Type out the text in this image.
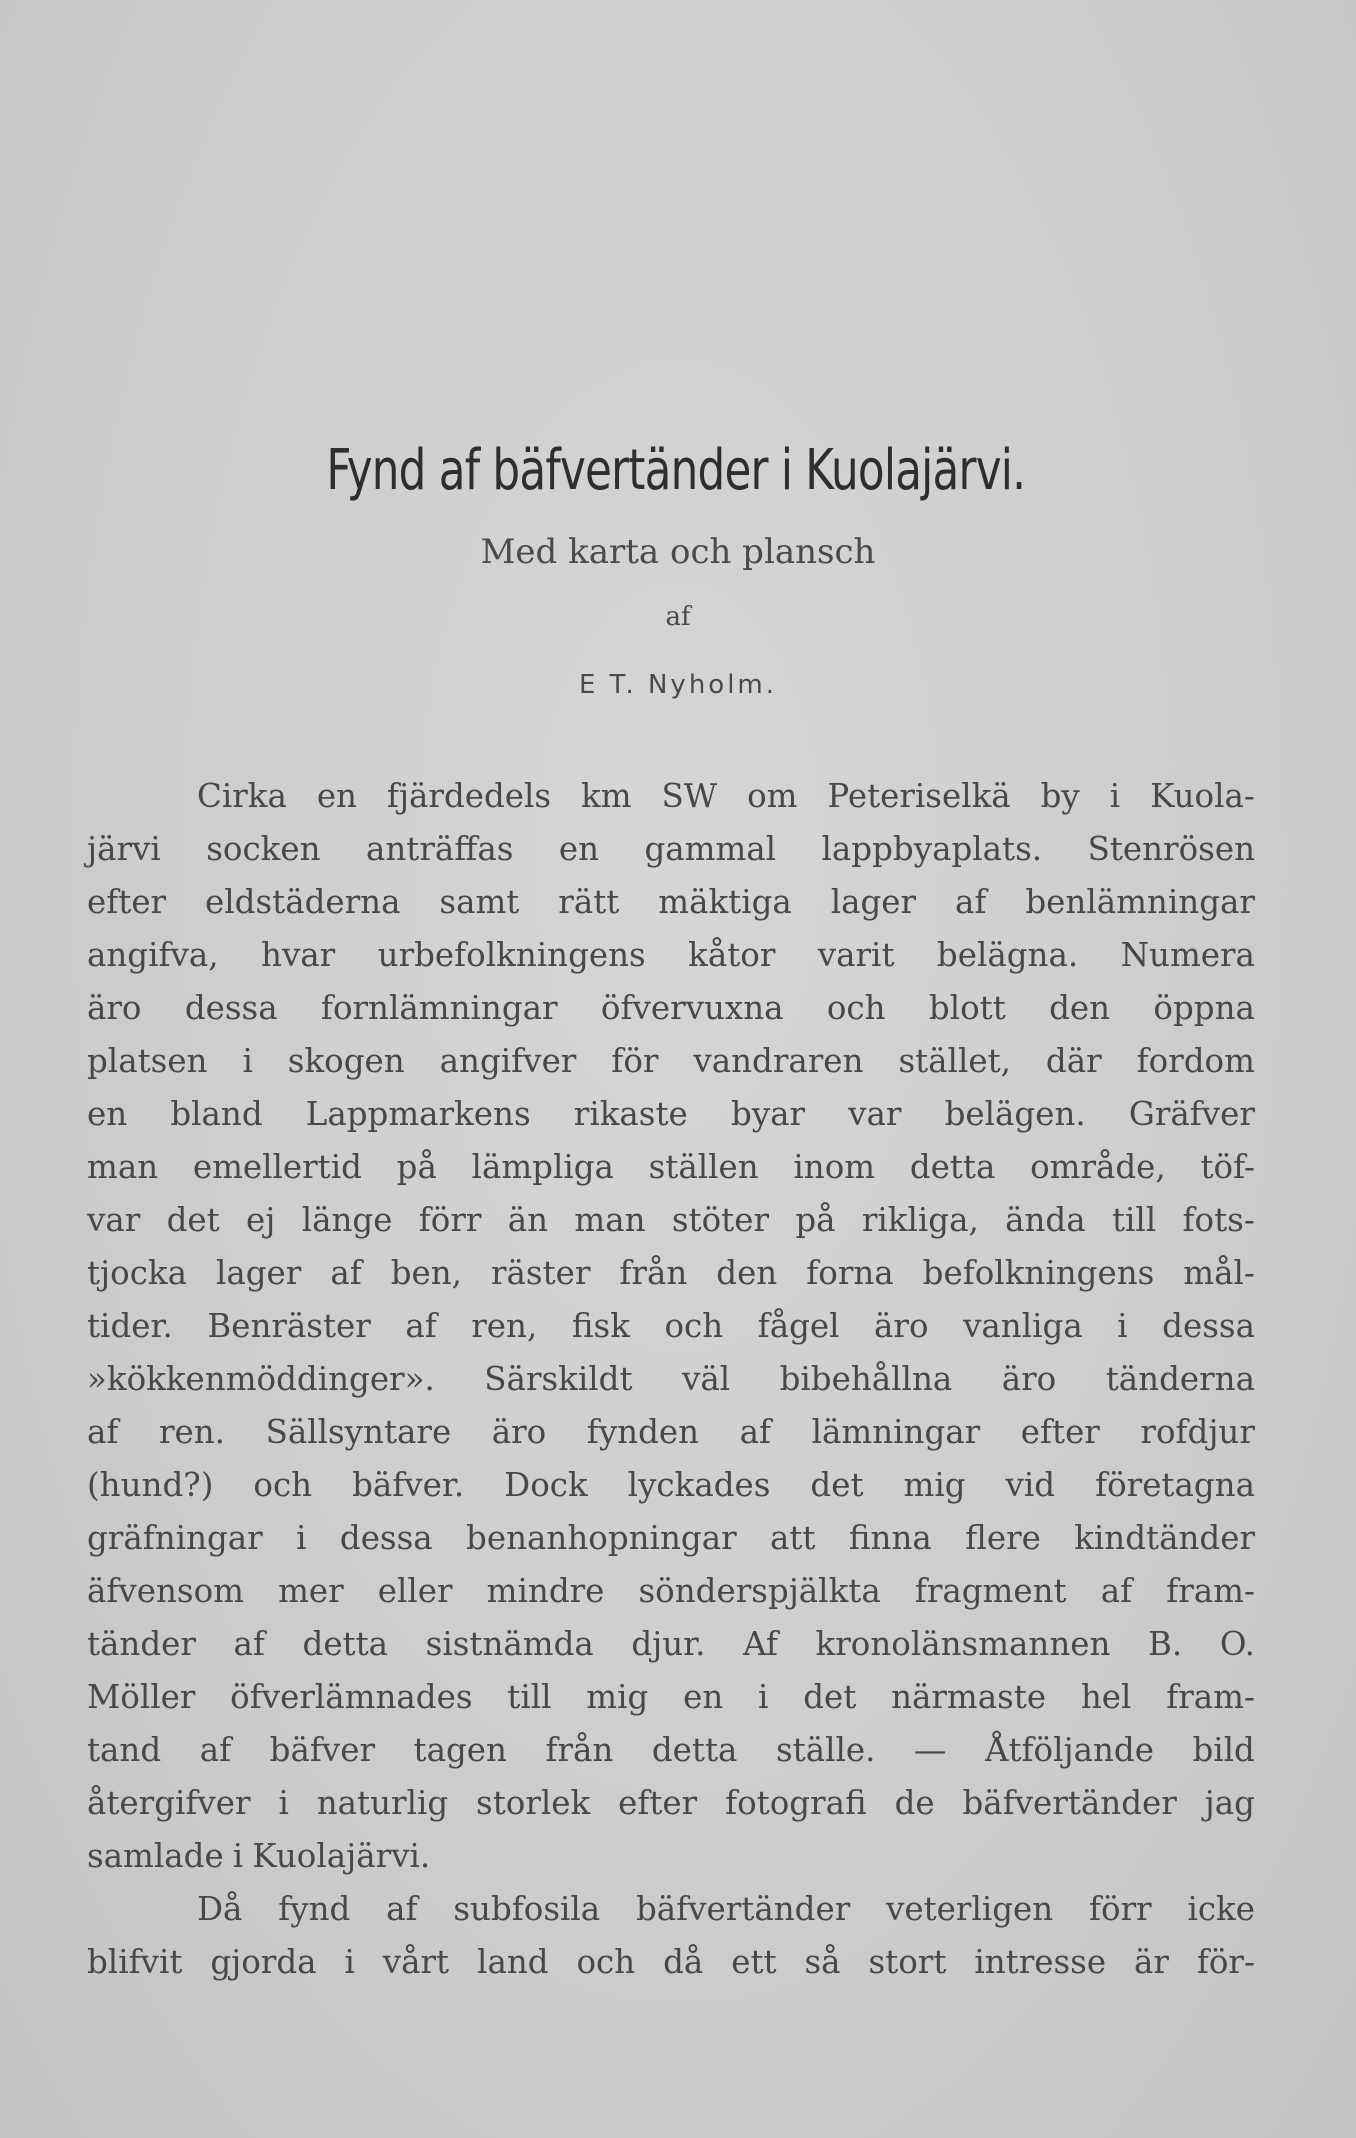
Fynd af bäfvertänder i Kuolajärvi.

Med karta och plansch

af

E T. Nyholm.

Cirka en fjärdedels km SW om Peteriselkä by i Kuola-
järvi socken anträffas en gammal lappbyaplats. Stenrösen
efter eldstäderna samt rätt mäktiga lager af benlämningar
angifva, hvar urbefolkningens kåtor varit belägna. Numera
äro dessa fornlämningar öfvervuxna och blott den öppna
platsen i skogen angifver för vandraren stället, där fordom
en bland Lappmarkens rikaste byar var belägen. Gräfver
man emellertid på lämpliga ställen inom detta område, töf-
var det ej länge förr än man stöter på rikliga, ända till fots-
tjocka lager af ben, räster från den forna befolkningens mål-
tider. Benräster af ren, fisk och fågel äro vanliga i dessa
»kökkenmöddinger». Särskildt väl bibehållna äro tänderna
af ren. Sällsyntare äro fynden af lämningar efter rofdjur
(hund?) och bäfver. Dock lyckades det mig vid företagna
gräfningar i dessa benanhopningar att finna flere kindtänder
äfvensom mer eller mindre sönderspjälkta fragment af fram-
tänder af detta sistnämda djur. Af kronolänsmannen B. O.
Möller öfverlämnades till mig en i det närmaste hel fram-
tand af bäfver tagen från detta ställe. — Åtföljande bild
återgifver i naturlig storlek efter fotografi de bäfvertänder jag
samlade i Kuolajärvi.
Då fynd af subfosila bäfvertänder veterligen förr icke
blifvit gjorda i vårt land och då ett så stort intresse är för-
